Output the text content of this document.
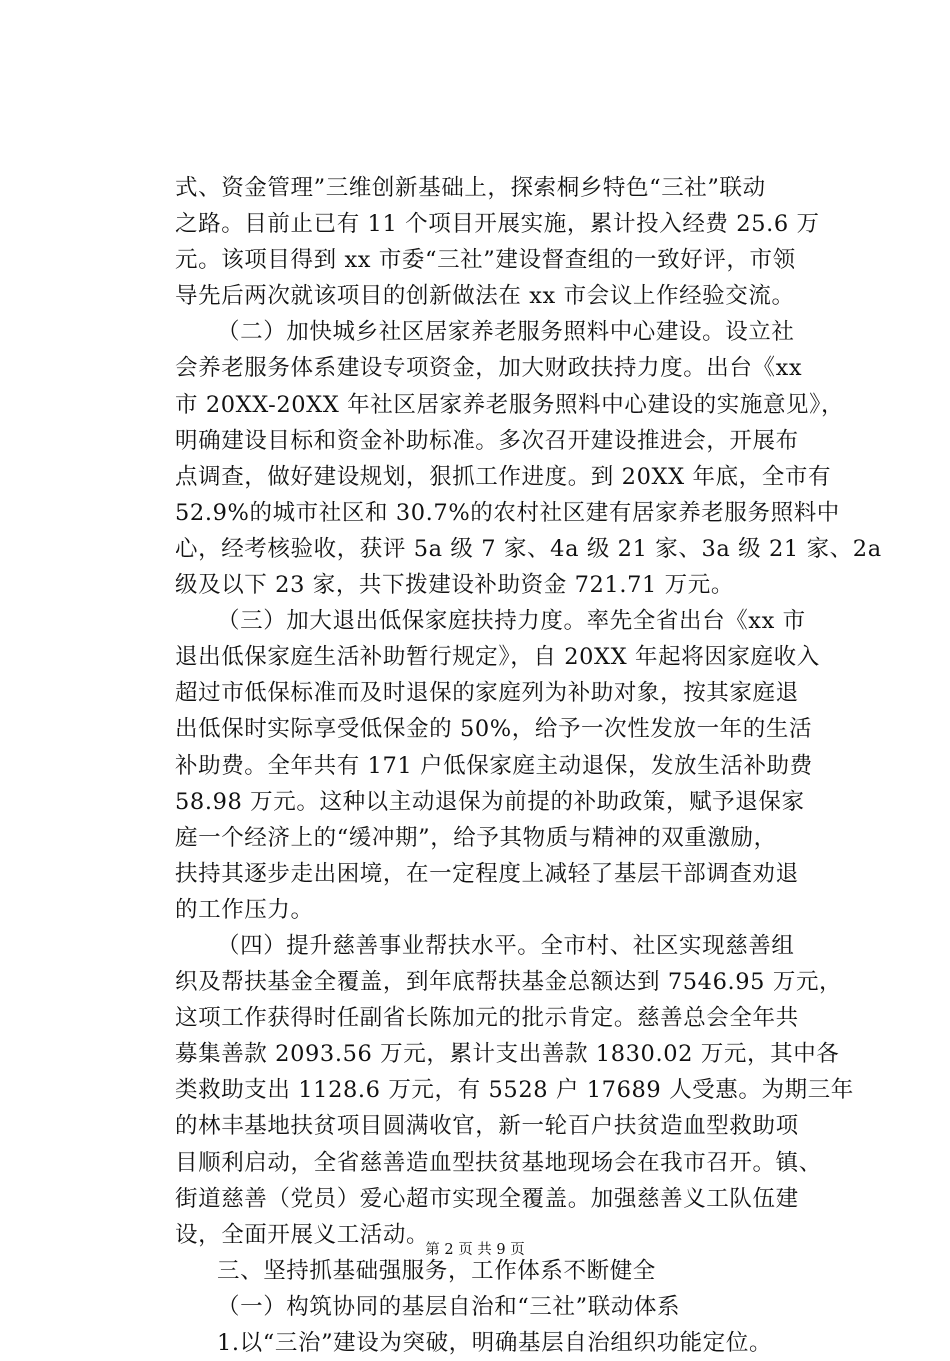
式、资金管理”三维创新基础上，探索桐乡特色“三社”联动
之路。目前止已有 11 个项目开展实施，累计投入经费 25.6 万
元。该项目得到 xx 市委“三社”建设督查组的一致好评，市领
导先后两次就该项目的创新做法在 xx 市会议上作经验交流。
（二）加快城乡社区居家养老服务照料中心建设。设立社
会养老服务体系建设专项资金，加大财政扶持力度。出台《xx
市 20XX-20XX 年社区居家养老服务照料中心建设的实施意见》，
明确建设目标和资金补助标准。多次召开建设推进会，开展布
点调查，做好建设规划，狠抓工作进度。到 20XX 年底，全市有
52.9%的城市社区和 30.7%的农村社区建有居家养老服务照料中
心，经考核验收，获评 5a 级 7 家、4a 级 21 家、3a 级 21 家、2a
级及以下 23 家，共下拨建设补助资金 721.71 万元。
（三）加大退出低保家庭扶持力度。率先全省出台《xx 市
退出低保家庭生活补助暂行规定》，自 20XX 年起将因家庭收入
超过市低保标准而及时退保的家庭列为补助对象，按其家庭退
出低保时实际享受低保金的 50%，给予一次性发放一年的生活
补助费。全年共有 171 户低保家庭主动退保，发放生活补助费
58.98 万元。这种以主动退保为前提的补助政策，赋予退保家
庭一个经济上的“缓冲期”，给予其物质与精神的双重激励，
扶持其逐步走出困境，在一定程度上减轻了基层干部调查劝退
的工作压力。
（四）提升慈善事业帮扶水平。全市村、社区实现慈善组
织及帮扶基金全覆盖，到年底帮扶基金总额达到 7546.95 万元，
这项工作获得时任副省长陈加元的批示肯定。慈善总会全年共
募集善款 2093.56 万元，累计支出善款 1830.02 万元，其中各
类救助支出 1128.6 万元，有 5528 户 17689 人受惠。为期三年
的林丰基地扶贫项目圆满收官，新一轮百户扶贫造血型救助项
目顺利启动，全省慈善造血型扶贫基地现场会在我市召开。镇、
街道慈善（党员）爱心超市实现全覆盖。加强慈善义工队伍建
设，全面开展义工活动。
三、坚持抓基础强服务，工作体系不断健全
（一）构筑协同的基层自治和“三社”联动体系
1.以“三治”建设为突破，明确基层自治组织功能定位。
第 2 页 共 9 页
